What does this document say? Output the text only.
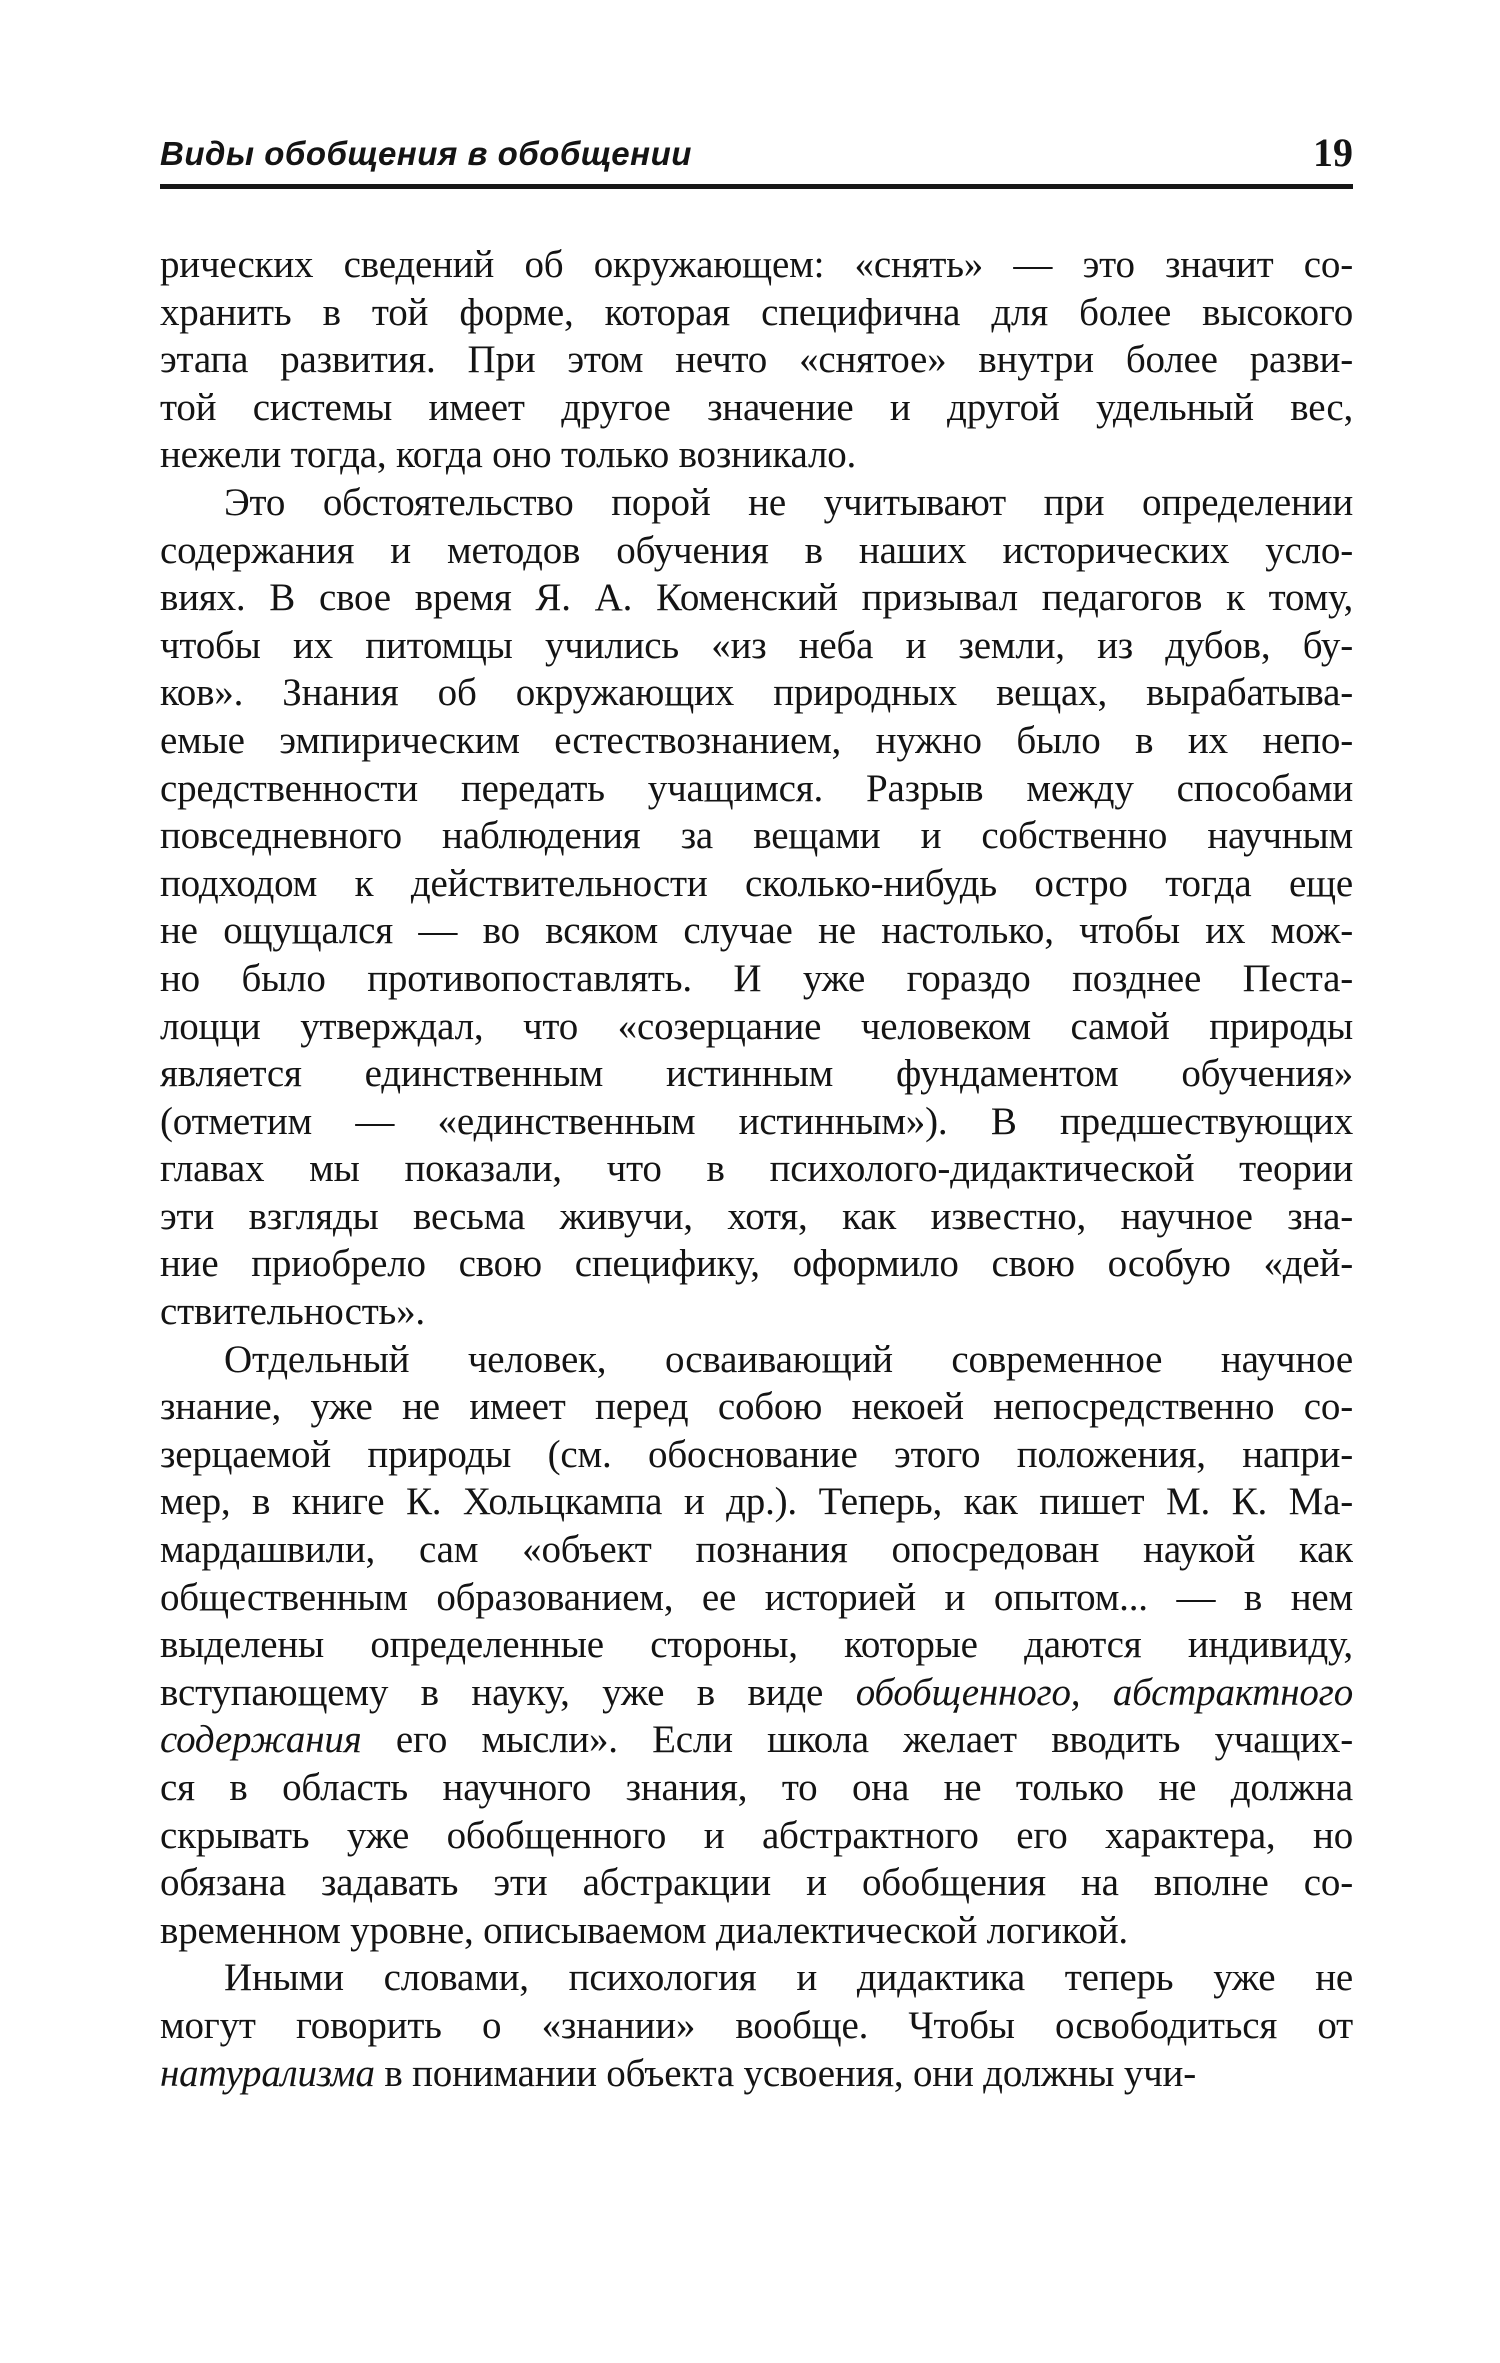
Виды обобщения в обобщении	19
рических сведений об окружающем: «снять» — это значит со-
хранить в той форме, которая специфична для более высокого
этапа развития. При этом нечто «снятое» внутри более разви-
той системы имеет другое значение и другой удельный вес,
нежели тогда, когда оно только возникало.
Это обстоятельство порой не учитывают при определении
содержания и методов обучения в наших исторических усло-
виях. В свое время Я. А. Коменский призывал педагогов к тому,
чтобы их питомцы учились «из неба и земли, из дубов, бу-
ков». Знания об окружающих природных вещах, вырабатыва-
емые эмпирическим естествознанием, нужно было в их непо-
средственности передать учащимся. Разрыв между способами
повседневного наблюдения за вещами и собственно научным
подходом к действительности сколько-нибудь остро тогда еще
не ощущался — во всяком случае не настолько, чтобы их мож-
но было противопоставлять. И уже гораздо позднее Песта-
лоцци утверждал, что «созерцание человеком самой природы
является единственным истинным фундаментом обучения»
(отметим — «единственным истинным»). В предшествующих
главах мы показали, что в психолого-дидактической теории
эти взгляды весьма живучи, хотя, как известно, научное зна-
ние приобрело свою специфику, оформило свою особую «дей-
ствительность».
Отдельный человек, осваивающий современное научное
знание, уже не имеет перед собою некоей непосредственно со-
зерцаемой природы (см. обоснование этого положения, напри-
мер, в книге К. Хольцкампа и др.). Теперь, как пишет М. К. Ма-
мардашвили, сам «объект познания опосредован наукой как
общественным образованием, ее историей и опытом... — в нем
выделены определенные стороны, которые даются индивиду,
вступающему в науку, уже в виде обобщенного, абстрактного
содержания его мысли». Если школа желает вводить учащих-
ся в область научного знания, то она не только не должна
скрывать уже обобщенного и абстрактного его характера, но
обязана задавать эти абстракции и обобщения на вполне со-
временном уровне, описываемом диалектической логикой.
Иными словами, психология и дидактика теперь уже не
могут говорить о «знании» вообще. Чтобы освободиться от
натурализма в понимании объекта усвоения, они должны учи-
